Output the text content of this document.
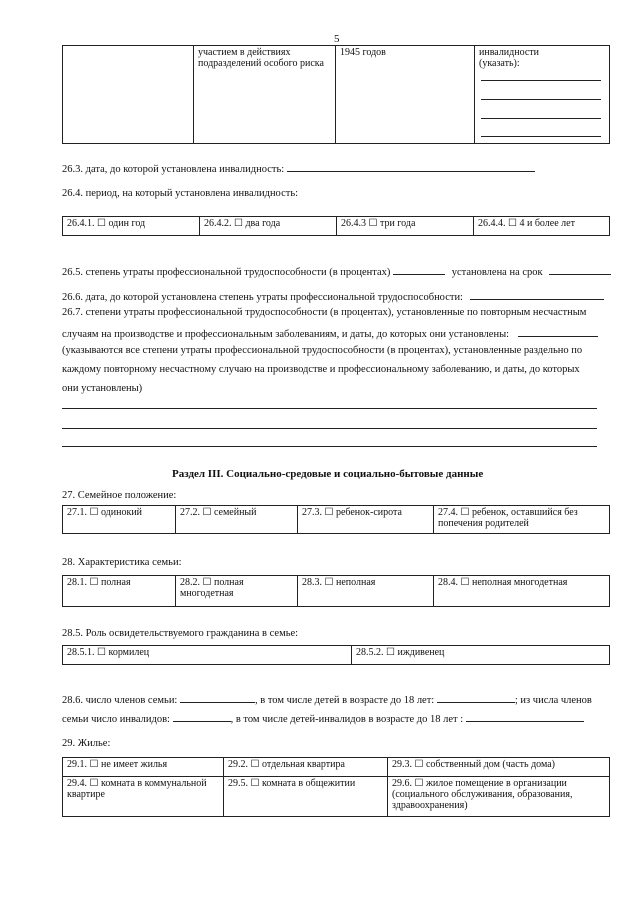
5
	участием в действиях подразделений особого риска	1945 годов	инвалидности (указать):
26.3. дата, до которой установлена инвалидность:
26.4. период, на который установлена инвалидность:
26.4.1. ☐ один год	26.4.2. ☐ два года	26.4.3 ☐ три года	26.4.4. ☐ 4 и более лет
26.5. степень утраты профессиональной трудоспособности (в процентах)	установлена на срок
26.6. дата, до которой установлена степень утраты профессиональной трудоспособности:
26.7. степени утраты профессиональной трудоспособности (в процентах), установленные по повторным несчастным
случаям на производстве и профессиональным заболеваниям, и даты, до которых они установлены:
(указываются все степени утраты профессиональной трудоспособности (в процентах), установленные раздельно по
каждому повторному несчастному случаю на производстве и профессиональному заболеванию, и даты, до которых
они установлены)
Раздел III. Социально-средовые и социально-бытовые данные
27. Семейное положение:
27.1. ☐ одинокий	27.2. ☐ семейный	27.3. ☐ ребенок-сирота	27.4. ☐ ребенок, оставшийся без попечения родителей
28. Характеристика семьи:
28.1. ☐ полная	28.2. ☐ полная многодетная	28.3. ☐ неполная	28.4. ☐ неполная многодетная
28.5. Роль освидетельствуемого гражданина в семье:
28.5.1. ☐ кормилец	28.5.2. ☐ иждивенец
28.6. число членов семьи:	, в том числе детей в возрасте до 18 лет:	; из числа членов
семьи число инвалидов:	, в том числе детей-инвалидов в возрасте до 18 лет :
29. Жилье:
29.1. ☐ не имеет жилья	29.2. ☐ отдельная квартира	29.3. ☐ собственный дом (часть дома)
29.4. ☐ комната в коммунальной квартире	29.5. ☐ комната в общежитии	29.6. ☐ жилое помещение в организации (социального обслуживания, образования, здравоохранения)
